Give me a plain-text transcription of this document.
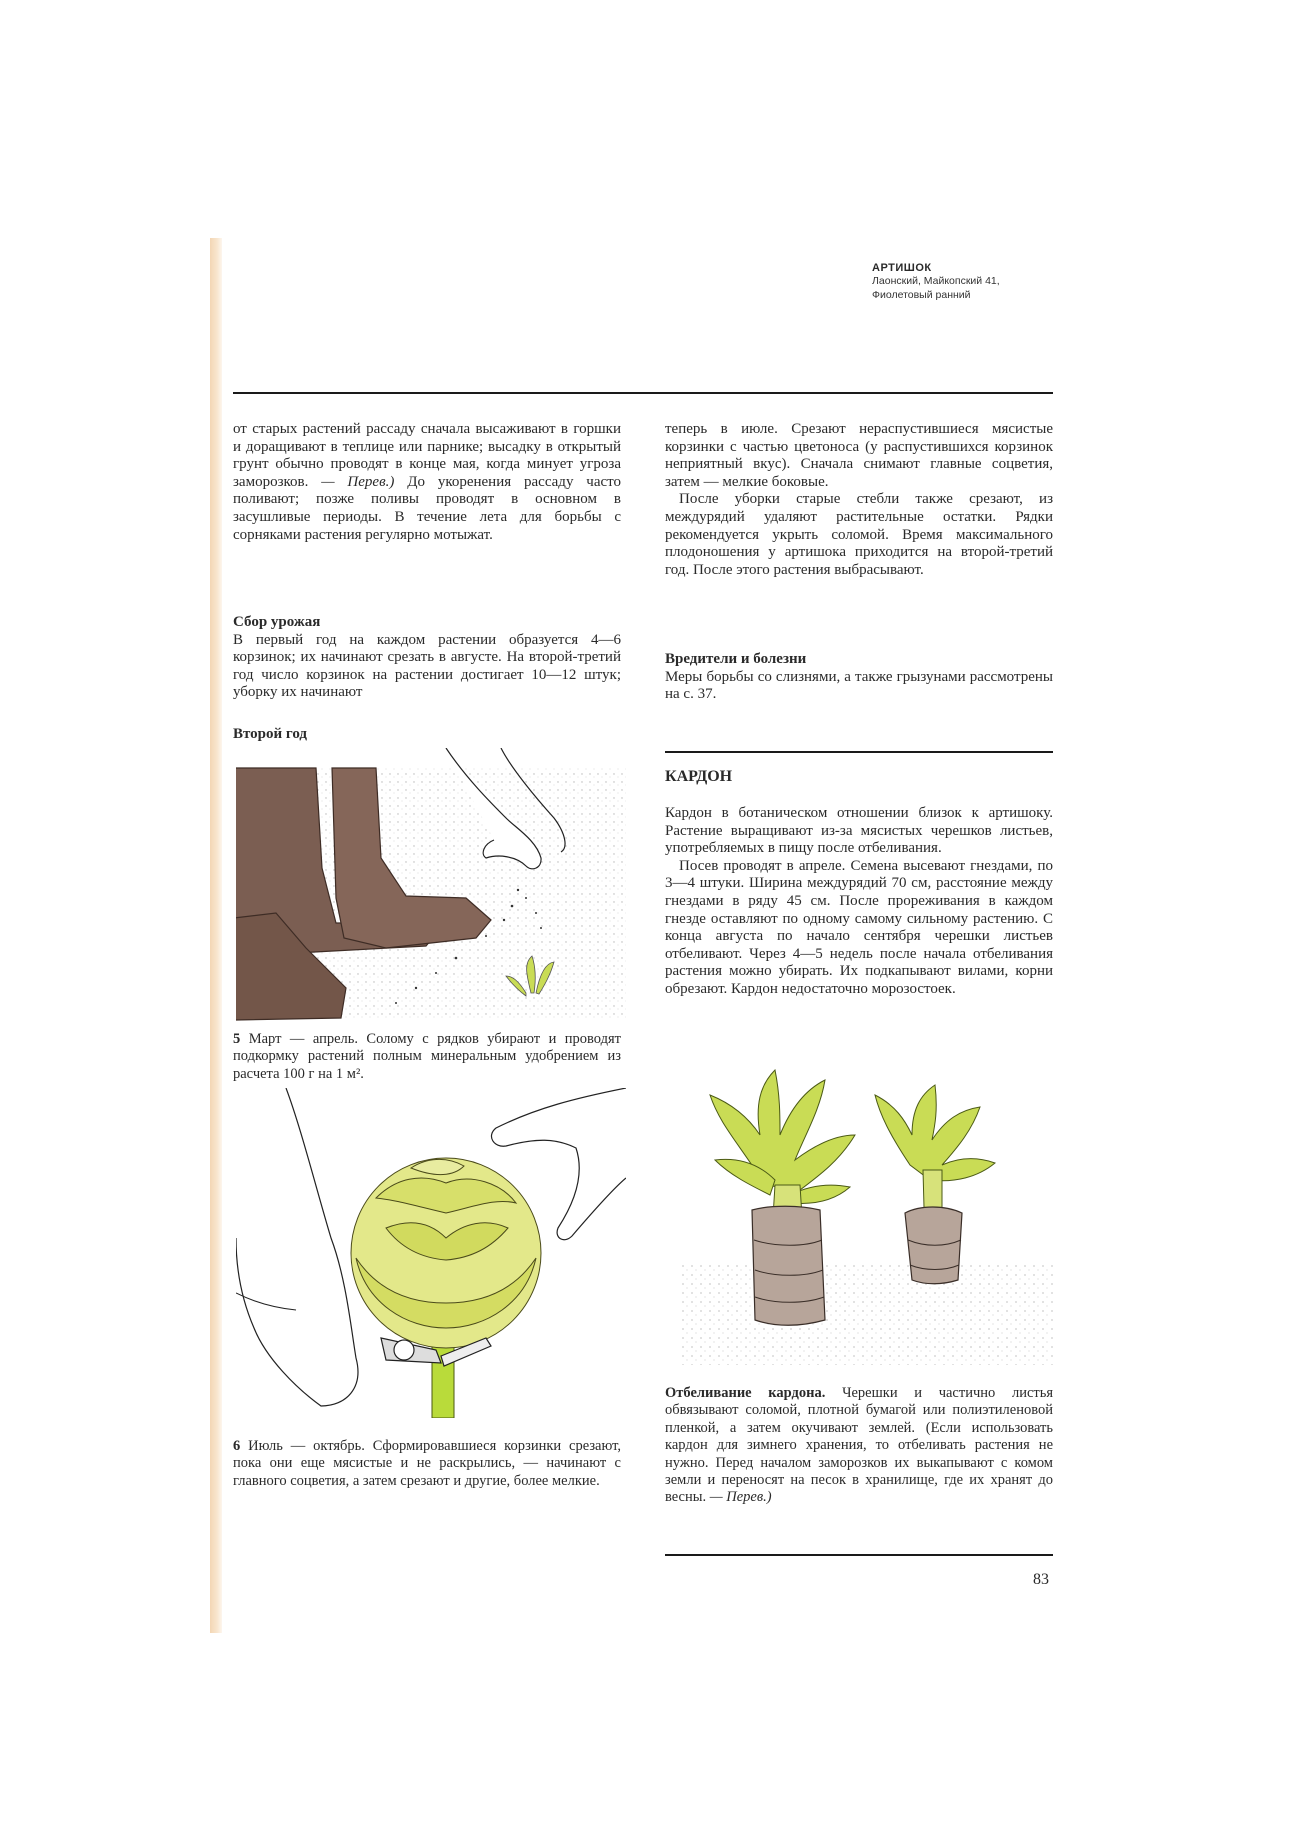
АРТИШОК
Лаонский, Майкопский 41,
Фиолетовый ранний

от старых растений рассаду сначала высаживают в горшки и доращивают в теплице или парнике; высадку в открытый грунт обычно проводят в конце мая, когда минует угроза заморозков. — Перев.) До укоренения рассаду часто поливают; позже поливы проводят в основном в засушливые периоды. В течение лета для борьбы с сорняками растения регулярно мотыжат.

Сбор урожая

В первый год на каждом растении образуется 4—6 корзинок; их начинают срезать в августе. На второй-третий год число корзинок на растении достигает 10—12 штук; уборку их начинают

Второй год
5 Март — апрель. Солому с рядков убирают и проводят подкормку растений полным минеральным удобрением из расчета 100 г на 1 м².
6 Июль — октябрь. Сформировавшиеся корзинки срезают, пока они еще мясистые и не раскрылись, — начинают с главного соцветия, а затем срезают и другие, более мелкие.

теперь в июле. Срезают нераспустившиеся мясистые корзинки с частью цветоноса (у распустившихся корзинок неприятный вкус). Сначала снимают главные соцветия, затем — мелкие боковые.

После уборки старые стебли также срезают, из междурядий удаляют растительные остатки. Рядки рекомендуется укрыть соломой. Время максимального плодоношения у артишока приходится на второй-третий год. После этого растения выбрасывают.

Вредители и болезни

Меры борьбы со слизнями, а также грызунами рассмотрены на с. 37.

КАРДОН

Кардон в ботаническом отношении близок к артишоку. Растение выращивают из-за мясистых черешков листьев, употребляемых в пищу после отбеливания.

Посев проводят в апреле. Семена высевают гнездами, по 3—4 штуки. Ширина междурядий 70 см, расстояние между гнездами в ряду 45 см. После прореживания в каждом гнезде оставляют по одному самому сильному растению. С конца августа по начало сентября черешки листьев отбеливают. Через 4—5 недель после начала отбеливания растения можно убирать. Их подкапывают вилами, корни обрезают. Кардон недостаточно морозостоек.

Отбеливание кардона. Черешки и частично листья обвязывают соломой, плотной бумагой или полиэтиленовой пленкой, а затем окучивают землей. (Если использовать кардон для зимнего хранения, то отбеливать растения не нужно. Перед началом заморозков их выкапывают с комом земли и переносят на песок в хранилище, где их хранят до весны. — Перев.)
83
